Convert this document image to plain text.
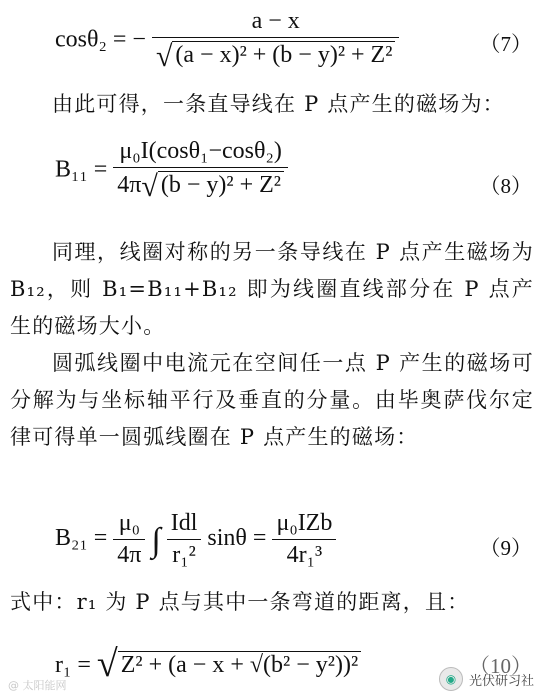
cosθ₂ = − $\frac{a - x}{\text{√ (a − x)² + (b − y)² + Z²}}$	（7）
由此可得，一条直导线在 P 点产生的磁场为：
$B_{11} = \frac{\text{μ₀I(cosθ₁−cosθ₂)}}{\text{4π√ (b − y)² + Z²}}$	（8）
同理，线圈对称的另一条导线在 P 点产生磁场为 B₁₂，则 B₁=B₁₁+B₁₂ 即为线圈直线部分在 P 点产生的磁场大小。
圆弧线圈中电流元在空间任一点 P 产生的磁场可分解为与坐标轴平行及垂直的分量。由毕奥萨伐尔定律可得单一圆弧线圈在 P 点产生的磁场：
$B_{21} = \frac{\text{μ₀}}{4\pi}$ ∫ $\frac{\text{Idl}}{\text{r₁²}}$ $\sin\theta = \frac{\text{μ₀IZb}}{\text{4r₁³}}$	（9）
式中：r₁ 为 P 点与其中一条弯道的距离，且：
r₁ = √ Z² + (a − x + √(b² − y²))²	（10）
@ 太阳能网	◉ 光伏研习社
